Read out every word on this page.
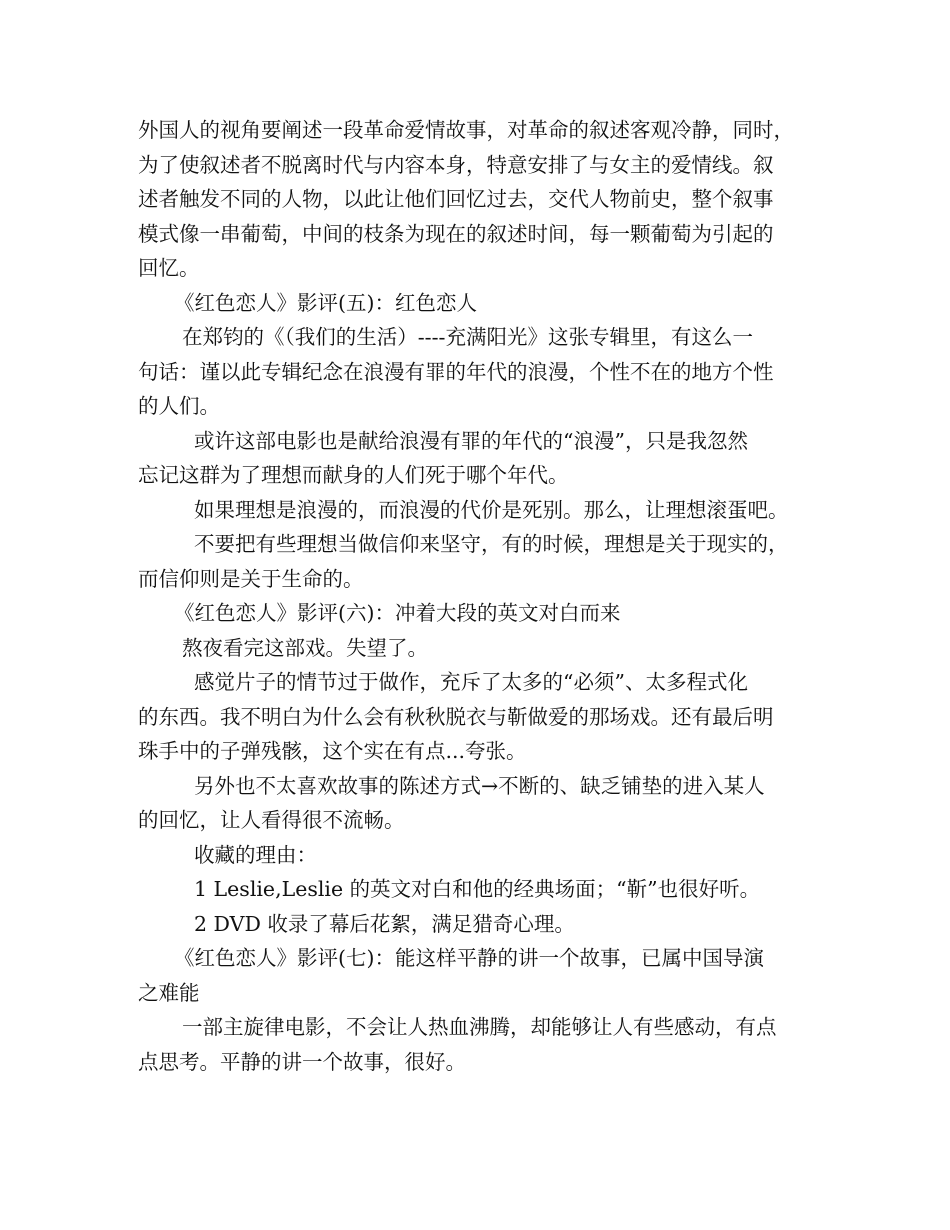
外国人的视角要阐述一段革命爱情故事，对革命的叙述客观冷静，同时，
为了使叙述者不脱离时代与内容本身，特意安排了与女主的爱情线。叙
述者触发不同的人物，以此让他们回忆过去，交代人物前史，整个叙事
模式像一串葡萄，中间的枝条为现在的叙述时间，每一颗葡萄为引起的
回忆。
《红色恋人》影评(五)：红色恋人
在郑钧的《（我们的生活）----充满阳光》这张专辑里，有这么一
句话：谨以此专辑纪念在浪漫有罪的年代的浪漫，个性不在的地方个性
的人们。
或许这部电影也是献给浪漫有罪的年代的“浪漫”，只是我忽然
忘记这群为了理想而献身的人们死于哪个年代。
如果理想是浪漫的，而浪漫的代价是死别。那么，让理想滚蛋吧。
不要把有些理想当做信仰来坚守，有的时候，理想是关于现实的，
而信仰则是关于生命的。
《红色恋人》影评(六)：冲着大段的英文对白而来
熬夜看完这部戏。失望了。
感觉片子的情节过于做作，充斥了太多的“必须”、太多程式化
的东西。我不明白为什么会有秋秋脱衣与靳做爱的那场戏。还有最后明
珠手中的子弹残骸，这个实在有点...夸张。
另外也不太喜欢故事的陈述方式→不断的、缺乏铺垫的进入某人
的回忆，让人看得很不流畅。
收藏的理由：
1 Leslie,Leslie 的英文对白和他的经典场面；“靳”也很好听。
2 DVD 收录了幕后花絮，满足猎奇心理。
《红色恋人》影评(七)：能这样平静的讲一个故事，已属中国导演
之难能
一部主旋律电影，不会让人热血沸腾，却能够让人有些感动，有点
点思考。平静的讲一个故事，很好。
